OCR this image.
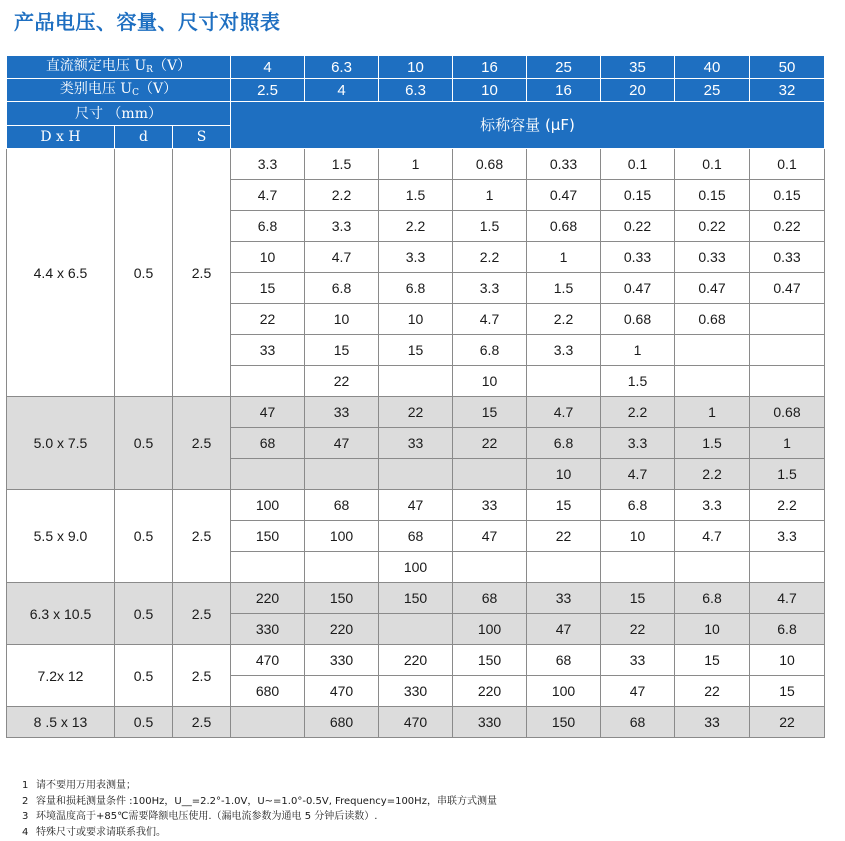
产品电压、容量、尺寸对照表
直流额定电压 $U_R(V)$			4	6.3	10	16	25	35	40	50
类别电压 $U_C(V)$			2.5	4	6.3	10	16	20	25	32
尺寸 （mm）			标称容量 (µF)							
D x H	d	S								
4.4 x 6.5	0.5	2.5	3.3	1.5	1	0.68	0.33	0.1	0.1	0.1
			4.7	2.2	1.5	1	0.47	0.15	0.15	0.15
			6.8	3.3	2.2	1.5	0.68	0.22	0.22	0.22
			10	4.7	3.3	2.2	1	0.33	0.33	0.33
			15	6.8	6.8	3.3	1.5	0.47	0.47	0.47
			22	10	10	4.7	2.2	0.68	0.68	
			33	15	15	6.8	3.3	1		
				22		10		1.5		
5.0 x 7.5	0.5	2.5	47	33	22	15	4.7	2.2	1	0.68
			68	47	33	22	6.8	3.3	1.5	1
							10	4.7	2.2	1.5
5.5 x 9.0	0.5	2.5	100	68	47	33	15	6.8	3.3	2.2
			150	100	68	47	22	10	4.7	3.3
					100					
6.3 x 10.5	0.5	2.5	220	150	150	68	33	15	6.8	4.7
			330	220		100	47	22	10	6.8
7.2x 12	0.5	2.5	470	330	220	150	68	33	15	10
			680	470	330	220	100	47	22	15
8 .5 x 13	0.5	2.5		680	470	330	150	68	33	22
1 请不要用万用表测量；
2 容量和损耗测量条件 :100Hz，U__=2.2°-1.0V，U~=1.0°-0.5V, Frequency=100Hz，串联方式测量
3 环境温度高于+85℃需要降额电压使用.（漏电流参数为通电 5 分钟后读数）.
4 特殊尺寸或要求请联系我们。
